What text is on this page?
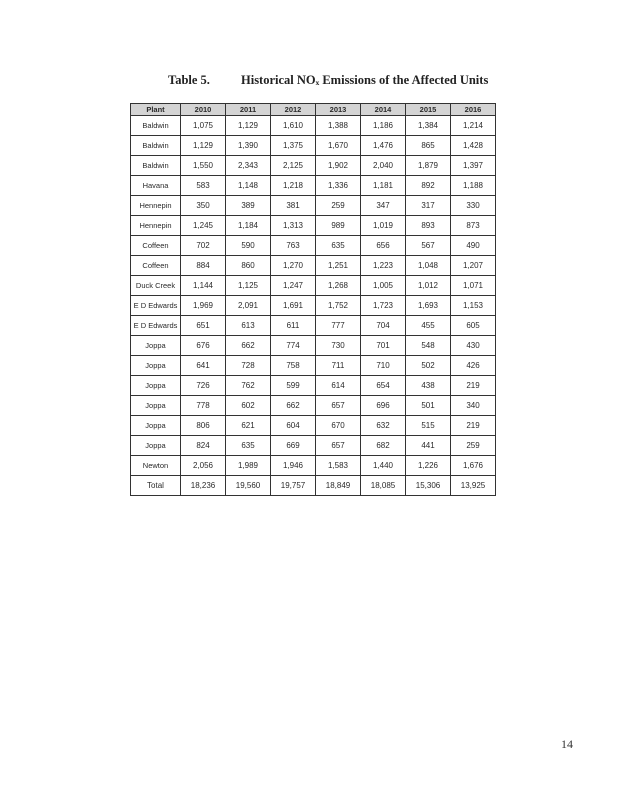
Table 5. Historical NOₓ Emissions of the Affected Units
Plant	2010	2011	2012	2013	2014	2015	2016
Baldwin	1,075	1,129	1,610	1,388	1,186	1,384	1,214
Baldwin	1,129	1,390	1,375	1,670	1,476	865	1,428
Baldwin	1,550	2,343	2,125	1,902	2,040	1,879	1,397
Havana	583	1,148	1,218	1,336	1,181	892	1,188
Hennepin	350	389	381	259	347	317	330
Hennepin	1,245	1,184	1,313	989	1,019	893	873
Coffeen	702	590	763	635	656	567	490
Coffeen	884	860	1,270	1,251	1,223	1,048	1,207
Duck Creek	1,144	1,125	1,247	1,268	1,005	1,012	1,071
E D Edwards	1,969	2,091	1,691	1,752	1,723	1,693	1,153
E D Edwards	651	613	611	777	704	455	605
Joppa	676	662	774	730	701	548	430
Joppa	641	728	758	711	710	502	426
Joppa	726	762	599	614	654	438	219
Joppa	778	602	662	657	696	501	340
Joppa	806	621	604	670	632	515	219
Joppa	824	635	669	657	682	441	259
Newton	2,056	1,989	1,946	1,583	1,440	1,226	1,676
Total	18,236	19,560	19,757	18,849	18,085	15,306	13,925
14
